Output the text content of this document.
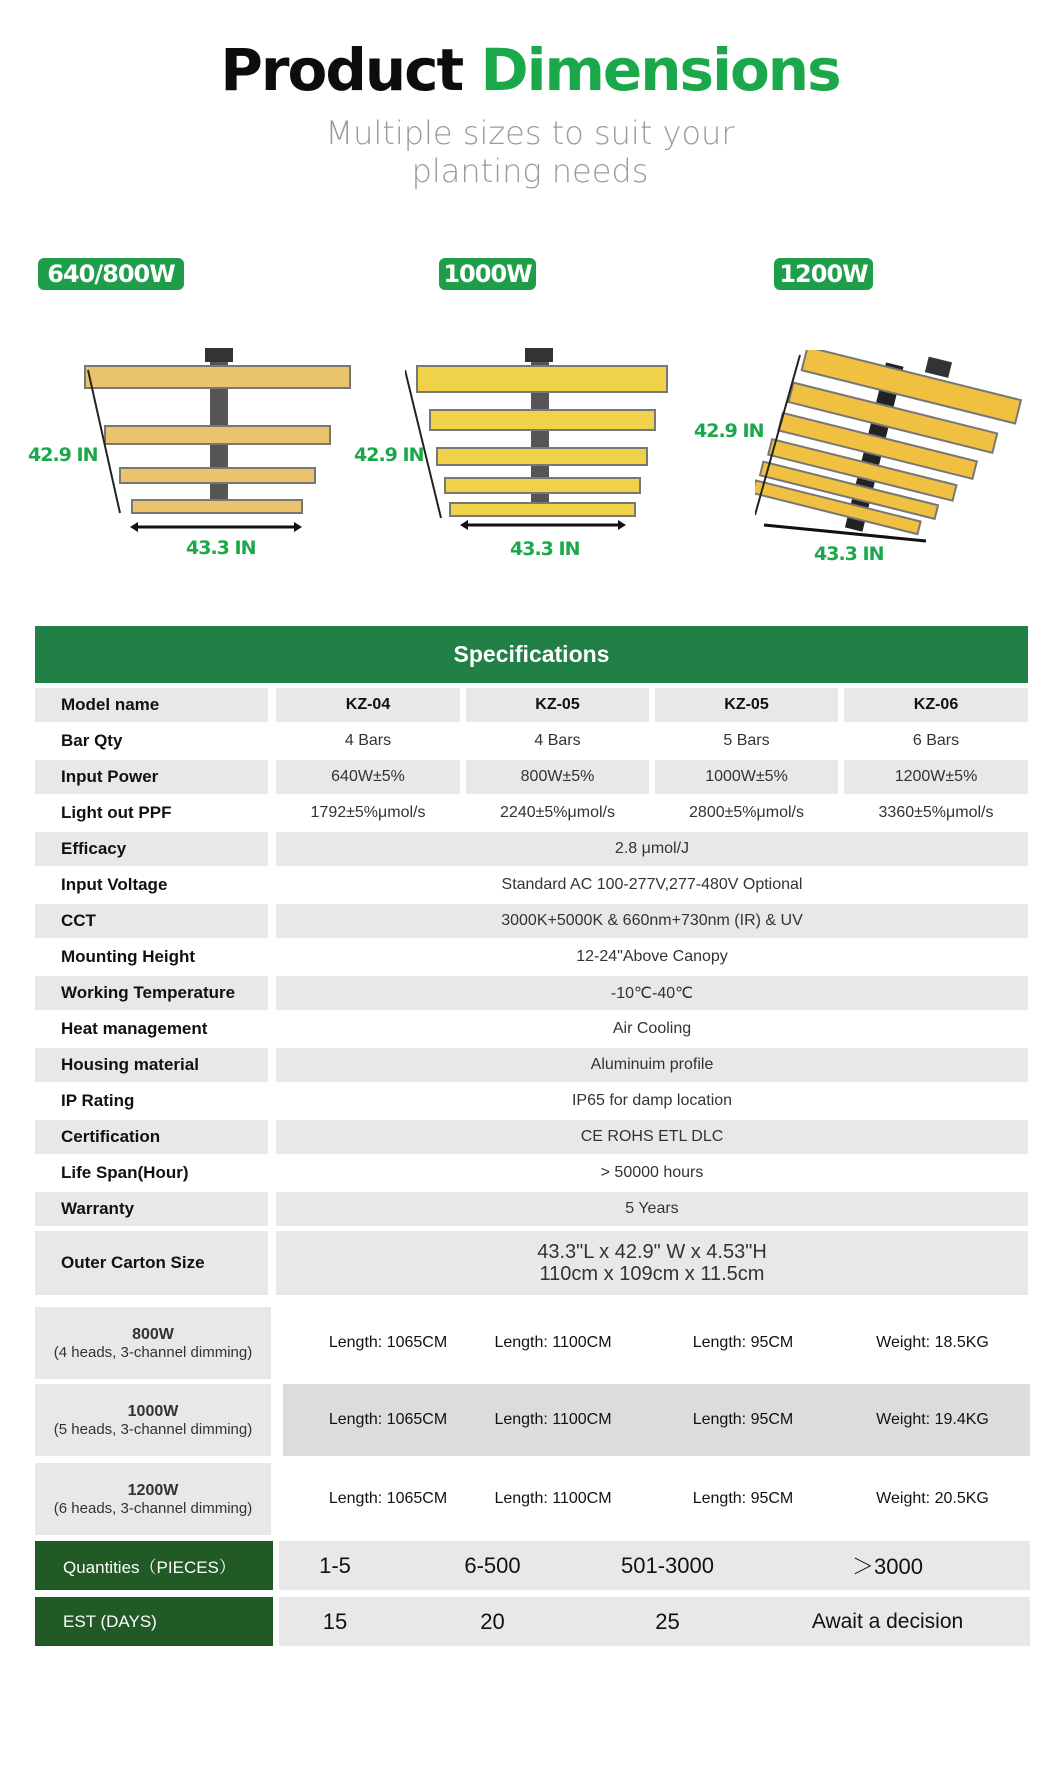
Product Dimensions
Multiple sizes to suit your
planting needs
640/800W	1000W	1200W
42.9 IN
43.3 IN
42.9 IN
43.3 IN
42.9 IN
43.3 IN
Specifications
Model name	KZ-04	KZ-05	KZ-05	KZ-06
Bar Qty	4 Bars	4 Bars	5 Bars	6 Bars
Input Power	640W±5%	800W±5%	1000W±5%	1200W±5%
Light out PPF	1792±5%μmol/s	2240±5%μmol/s	2800±5%μmol/s	3360±5%μmol/s
Efficacy	2.8 μmol/J
Input Voltage	Standard AC 100-277V,277-480V Optional
CCT	3000K+5000K & 660nm+730nm (IR) & UV
Mounting Height	12-24"Above Canopy
Working Temperature	-10℃-40℃
Heat management	Air Cooling
Housing material	Aluminuim profile
IP Rating	IP65 for damp location
Certification	CE ROHS ETL DLC
Life Span(Hour)	> 50000 hours
Warranty	5 Years
Outer Carton Size	43.3"L x 42.9" W x 4.53"H
110cm x 109cm x 11.5cm
800W
(4 heads, 3-channel dimming)
Length: 1065CM	Length: 1100CM	Length: 95CM	Weight: 18.5KG
1000W
(5 heads, 3-channel dimming)
Length: 1065CM	Length: 1100CM	Length: 95CM	Weight: 19.4KG
1200W
(6 heads, 3-channel dimming)
Length: 1065CM	Length: 1100CM	Length: 95CM	Weight: 20.5KG
Quantities（PIECES）	1-5	6-500	501-3000	＞3000
EST (DAYS)	15	20	25	Await a decision
